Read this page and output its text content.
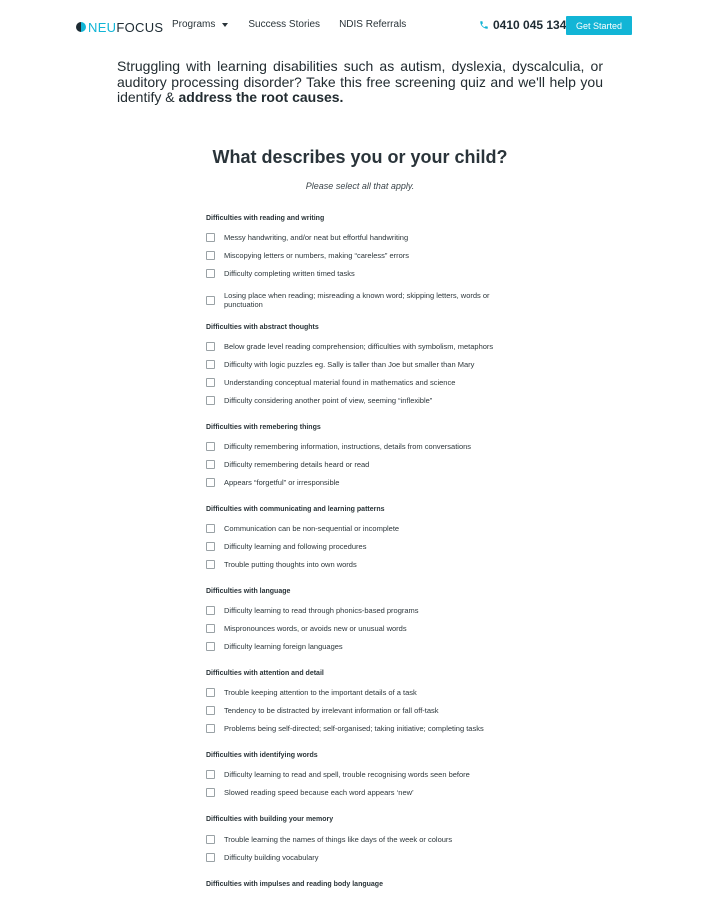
NEUFOCUS Programs	Success Stories NDIS Referrals	0410 045 134	Get Started

Struggling with learning disabilities such as autism, dyslexia, dyscalculia, or auditory processing disorder? Take this free screening quiz and we'll help you identify & address the root causes.

What describes you or your child?

Please select all that apply.

Difficulties with reading and writing
Messy handwriting, and/or neat but effortful handwriting
Miscopying letters or numbers, making “careless” errors
Difficulty completing written timed tasks
Losing place when reading; misreading a known word; skipping letters, words or punctuation
Difficulties with abstract thoughts
Below grade level reading comprehension; difficulties with symbolism, metaphors
Difficulty with logic puzzles eg. Sally is taller than Joe but smaller than Mary
Understanding conceptual material found in mathematics and science
Difficulty considering another point of view, seeming “inflexible”
Difficulties with remebering things
Difficulty remembering information, instructions, details from conversations
Difficulty remembering details heard or read
Appears “forgetful” or irresponsible
Difficulties with communicating and learning patterns
Communication can be non-sequential or incomplete
Difficulty learning and following procedures
Trouble putting thoughts into own words
Difficulties with language
Difficulty learning to read through phonics-based programs
Mispronounces words, or avoids new or unusual words
Difficulty learning foreign languages
Difficulties with attention and detail
Trouble keeping attention to the important details of a task
Tendency to be distracted by irrelevant information or fall off-task
Problems being self-directed; self-organised; taking initiative; completing tasks
Difficulties with identifying words
Difficulty learning to read and spell, trouble recognising words seen before
Slowed reading speed because each word appears ‘new’
Difficulties with building your memory
Trouble learning the names of things like days of the week or colours
Difficulty building vocabulary
Difficulties with impulses and reading body language
